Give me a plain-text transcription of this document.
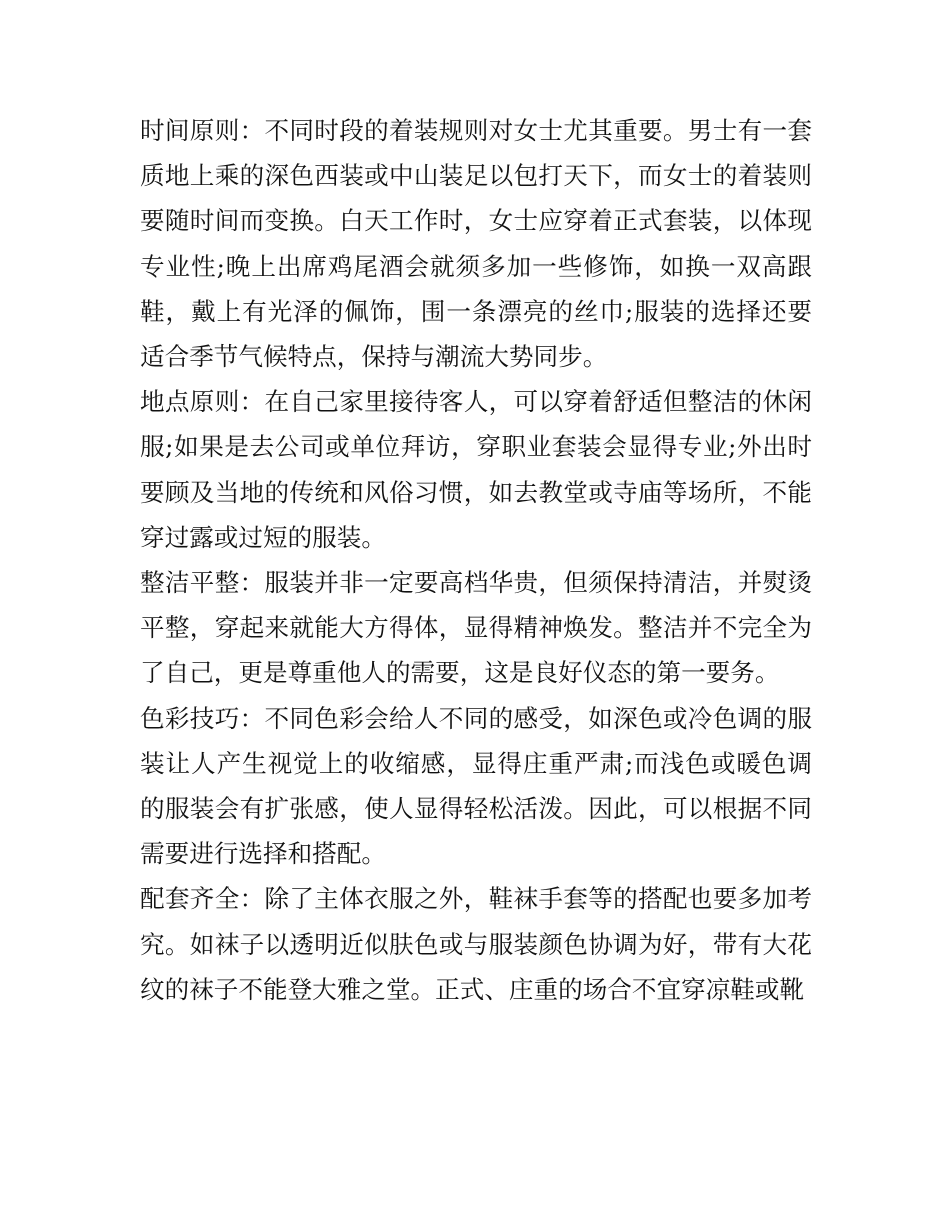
时间原则：不同时段的着装规则对女士尤其重要。男士有一套质地上乘的深色西装或中山装足以包打天下，而女士的着装则要随时间而变换。白天工作时，女士应穿着正式套装，以体现专业性;晚上出席鸡尾酒会就须多加一些修饰，如换一双高跟鞋，戴上有光泽的佩饰，围一条漂亮的丝巾;服装的选择还要适合季节气候特点，保持与潮流大势同步。

地点原则：在自己家里接待客人，可以穿着舒适但整洁的休闲服;如果是去公司或单位拜访，穿职业套装会显得专业;外出时要顾及当地的传统和风俗习惯，如去教堂或寺庙等场所，不能穿过露或过短的服装。

整洁平整：服装并非一定要高档华贵，但须保持清洁，并熨烫平整，穿起来就能大方得体，显得精神焕发。整洁并不完全为了自己，更是尊重他人的需要，这是良好仪态的第一要务。

色彩技巧：不同色彩会给人不同的感受，如深色或冷色调的服装让人产生视觉上的收缩感，显得庄重严肃;而浅色或暖色调的服装会有扩张感，使人显得轻松活泼。因此，可以根据不同需要进行选择和搭配。

配套齐全：除了主体衣服之外，鞋袜手套等的搭配也要多加考究。如袜子以透明近似肤色或与服装颜色协调为好，带有大花纹的袜子不能登大雅之堂。正式、庄重的场合不宜穿凉鞋或靴
